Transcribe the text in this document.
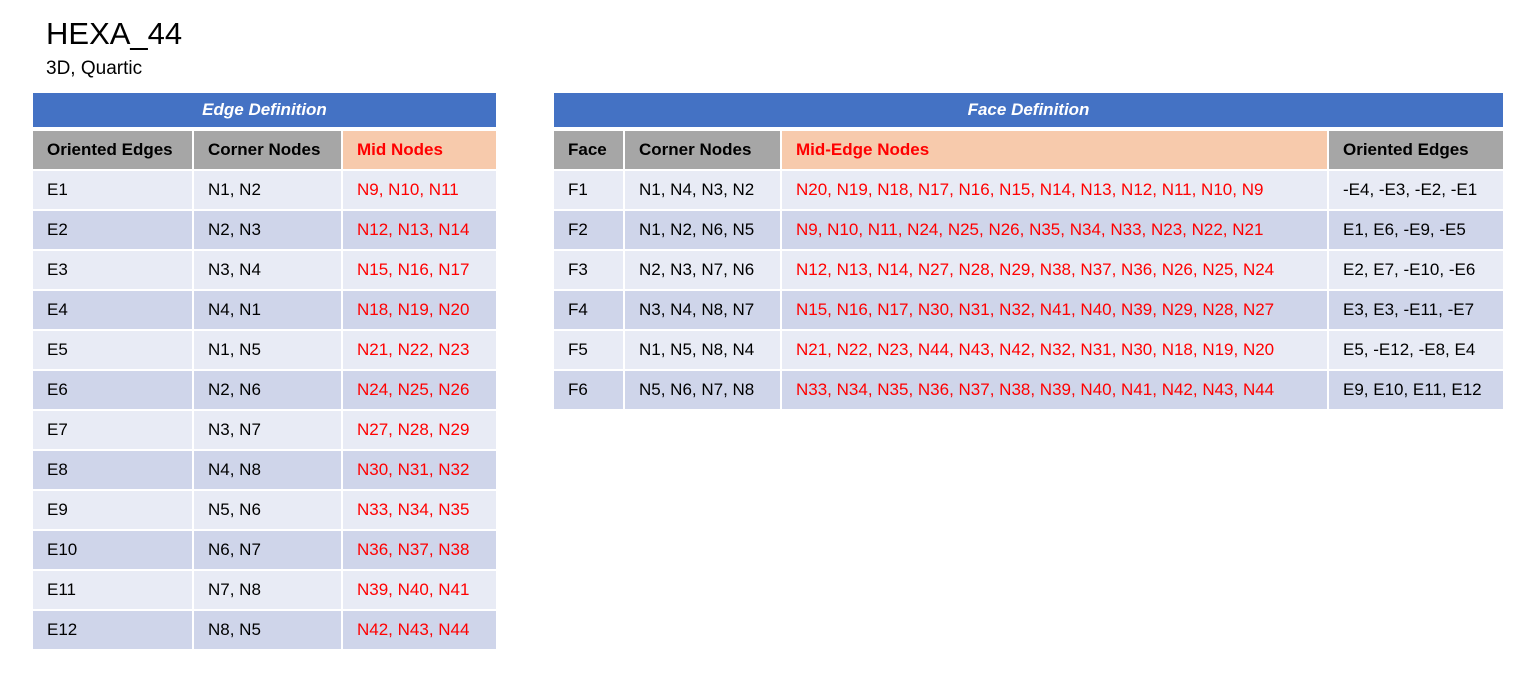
HEXA_44
3D, Quartic
Edge Definition		
Oriented Edges	Corner Nodes	Mid Nodes
E1	N1, N2	N9, N10, N11
E2	N2, N3	N12, N13, N14
E3	N3, N4	N15, N16, N17
E4	N4, N1	N18, N19, N20
E5	N1, N5	N21, N22, N23
E6	N2, N6	N24, N25, N26
E7	N3, N7	N27, N28, N29
E8	N4, N8	N30, N31, N32
E9	N5, N6	N33, N34, N35
E10	N6, N7	N36, N37, N38
E11	N7, N8	N39, N40, N41
E12	N8, N5	N42, N43, N44
Face Definition			
Face	Corner Nodes	Mid-Edge Nodes	Oriented Edges
F1	N1, N4, N3, N2	N20, N19, N18, N17, N16, N15, N14, N13, N12, N11, N10, N9	-E4, -E3, -E2, -E1
F2	N1, N2, N6, N5	N9, N10, N11, N24, N25, N26, N35, N34, N33, N23, N22, N21	E1, E6, -E9, -E5
F3	N2, N3, N7, N6	N12, N13, N14, N27, N28, N29, N38, N37, N36, N26, N25, N24	E2, E7, -E10, -E6
F4	N3, N4, N8, N7	N15, N16, N17, N30, N31, N32, N41, N40, N39, N29, N28, N27	E3, E3, -E11, -E7
F5	N1, N5, N8, N4	N21, N22, N23, N44, N43, N42, N32, N31, N30, N18, N19, N20	E5, -E12, -E8, E4
F6	N5, N6, N7, N8	N33, N34, N35, N36, N37, N38, N39, N40, N41, N42, N43, N44	E9, E10, E11, E12
